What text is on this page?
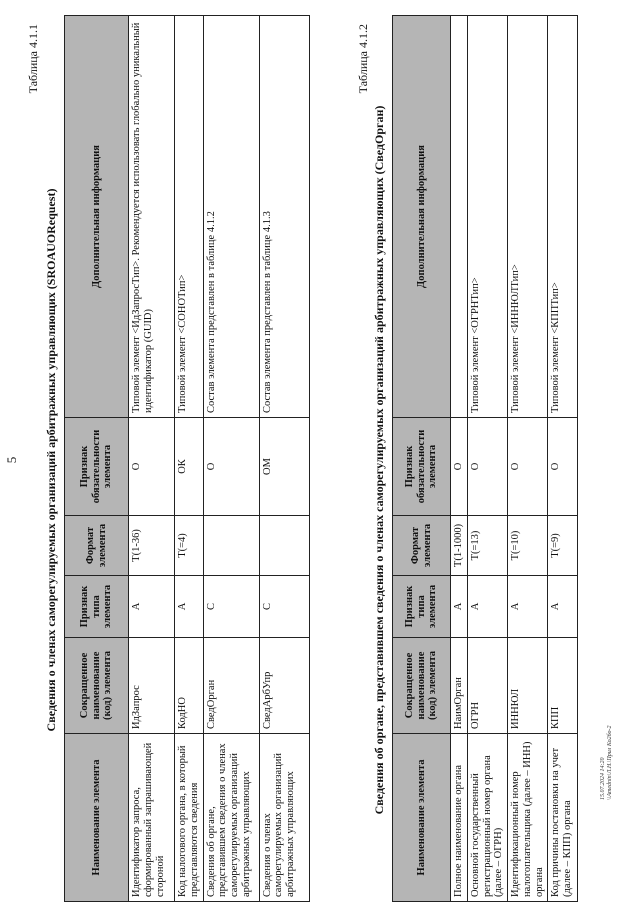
5
Таблица 4.1.1
Сведения о членах саморегулируемых организаций арбитражных управляющих (SROAUORequest)
Наименование элемента	Сокращенное наименование (код) элемента	Признак типа элемента	Формат элемента	Признак обязательности элемента	Дополнительная информация
Идентификатор запроса, сформированный запрашивающей стороной	ИдЗапрос	А	T(1-36)	О	Типовой элемент <ИдЗапросТип>. Рекомендуется использовать глобально уникальный идентификатор (GUID)
Код налогового органа, в который представляются сведения	КодНО	А	T(=4)	ОК	Типовой элемент <СОНОТип>
Сведения об органе, представившем сведения о членах саморегулируемых организаций арбитражных управляющих	СведОрган	С		О	Состав элемента представлен в таблице 4.1.2
Сведения о членах саморегулируемых организаций арбитражных управляющих	СведАрбУпр	С		ОМ	Состав элемента представлен в таблице 4.1.3
Таблица 4.1.2
Сведения об органе, представившем сведения о членах саморегулируемых организаций арбитражных управляющих (СведОрган)
Наименование элемента	Сокращенное наименование (код) элемента	Признак типа элемента	Формат элемента	Признак обязательности элемента	Дополнительная информация
Полное наименование органа	НаимОрган	А	T(1-1000)	О	
Основной государственный регистрационный номер органа (далее – ОГРН)	ОГРН	А	T(=13)	О	Типовой элемент <ОГРНТип>
Идентификационный номер налогоплательщика (далее – ИНН) органа	ИННЮЛ	А	T(=10)	О	Типовой элемент <ИННЮЛТип>
Код причины постановки на учет (далее – КПП) органа	КПП	А	T(=9)	О	Типовой элемент <КППТип>
15.07.2024 14:20 \\Amednin\Л.Н.\Прил Ко2бо-2
